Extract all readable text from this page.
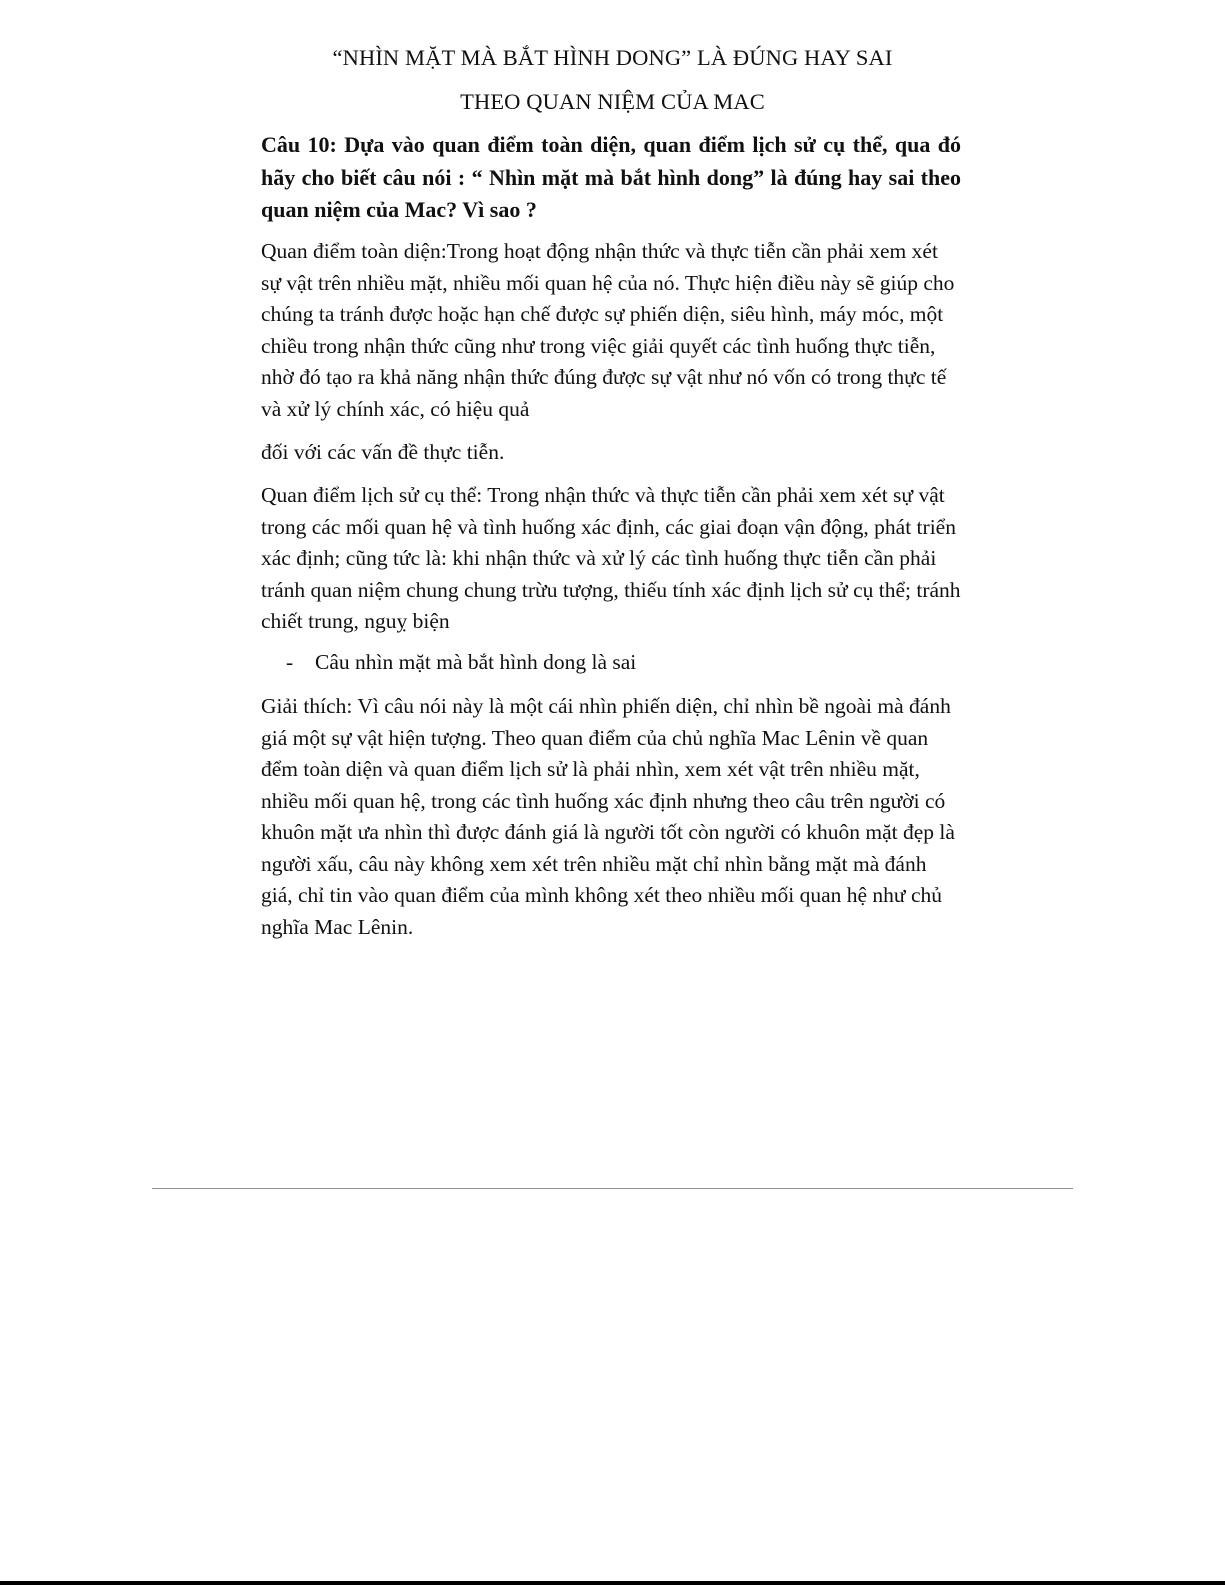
“NHÌN MẶT MÀ BẮT HÌNH DONG” LÀ ĐÚNG HAY SAI
THEO QUAN NIỆM CỦA MAC

Câu 10: Dựa vào quan điểm toàn diện, quan điểm lịch sử cụ thể, qua đó hãy cho biết câu nói : “ Nhìn mặt mà bắt hình dong” là đúng hay sai theo quan niệm của Mac? Vì sao ?

Quan điểm toàn diện:Trong hoạt động nhận thức và thực tiễn cần phải xem xét sự vật trên nhiều mặt, nhiều mối quan hệ của nó. Thực hiện điều này sẽ giúp cho chúng ta tránh được hoặc hạn chế được sự phiến diện, siêu hình, máy móc, một chiều trong nhận thức cũng như trong việc giải quyết các tình huống thực tiễn, nhờ đó tạo ra khả năng nhận thức đúng được sự vật như nó vốn có trong thực tế và xử lý chính xác, có hiệu quả

đối với các vấn đề thực tiễn.

Quan điểm lịch sử cụ thể: Trong nhận thức và thực tiễn cần phải xem xét sự vật trong các mối quan hệ và tình huống xác định, các giai đoạn vận động, phát triển xác định; cũng tức là: khi nhận thức và xử lý các tình huống thực tiễn cần phải tránh quan niệm chung chung trừu tượng, thiếu tính xác định lịch sử cụ thể; tránh chiết trung, nguỵ biện

- Câu nhìn mặt mà bắt hình dong là sai

Giải thích: Vì câu nói này là một cái nhìn phiến diện, chỉ nhìn bề ngoài mà đánh giá một sự vật hiện tượng. Theo quan điểm của chủ nghĩa Mac Lênin về quan đểm toàn diện và quan điểm lịch sử là phải nhìn, xem xét vật trên nhiều mặt, nhiều mối quan hệ, trong các tình huống xác định nhưng theo câu trên người có khuôn mặt ưa nhìn thì được đánh giá là người tốt còn người có khuôn mặt đẹp là người xấu, câu này không xem xét trên nhiều mặt chỉ nhìn bằng mặt mà đánh giá, chỉ tin vào quan điểm của mình không xét theo nhiều mối quan hệ như chủ nghĩa Mac Lênin.
